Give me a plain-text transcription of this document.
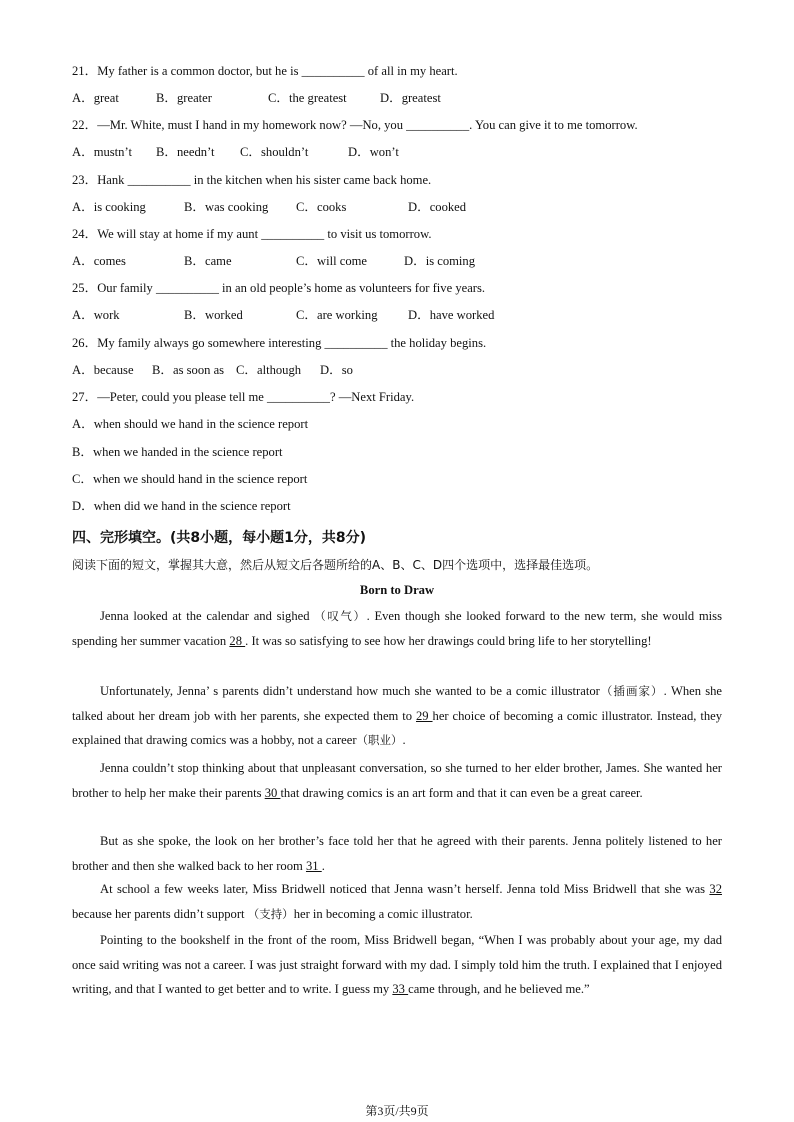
21．My father is a common doctor, but he is __________ of all in my heart.
A．great	B．greater	C．the greatest	D．greatest
22．—Mr. White, must I hand in my homework now? —No, you __________. You can give it to me tomorrow.
A．mustn’t B．needn’t C．shouldn’t	D．won’t
23．Hank __________ in the kitchen when his sister came back home.
A．is cooking	B．was cooking C．cooks	D．cooked
24．We will stay at home if my aunt __________ to visit us tomorrow.
A．comes	B．came	C．will come	D．is coming
25．Our family __________ in an old people’s home as volunteers for five years.
A．work	B．worked	C．are working D．have worked
26．My family always go somewhere interesting __________ the holiday begins.
A．because B．as soon as C．although D．so
27．—Peter, could you please tell me __________? —Next Friday.
A．when should we hand in the science report
B．when we handed in the science report
C．when we should hand in the science report
D．when did we hand in the science report
四、完形填空。(共8小题，每小题1分，共8分)
阅读下面的短文，掌握其大意，然后从短文后各题所给的A、B、C、D四个选项中，选择最佳选项。
Born to Draw

Jenna looked at the calendar and sighed （叹气）. Even though she looked forward to the new term, she would miss spending her summer vacation 28 . It was so satisfying to see how her drawings could bring life to her storytelling!

Unfortunately, Jenna’ s parents didn’t understand how much she wanted to be a comic illustrator（插画家）. When she talked about her dream job with her parents, she expected them to 29 her choice of becoming a comic illustrator. Instead, they explained that drawing comics was a hobby, not a career（职业）.

Jenna couldn’t stop thinking about that unpleasant conversation, so she turned to her elder brother, James. She wanted her brother to help her make their parents 30 that drawing comics is an art form and that it can even be a great career.

But as she spoke, the look on her brother’s face told her that he agreed with their parents. Jenna politely listened to her brother and then she walked back to her room 31 .

At school a few weeks later, Miss Bridwell noticed that Jenna wasn’t herself. Jenna told Miss Bridwell that she was 32 because her parents didn’t support （支持）her in becoming a comic illustrator.

Pointing to the bookshelf in the front of the room, Miss Bridwell began, “When I was probably about your age, my dad once said writing was not a career. I was just straight forward with my dad. I simply told him the truth. I explained that I enjoyed writing, and that I wanted to get better and to write. I guess my 33 came through, and he believed me.”

第3页/共9页
